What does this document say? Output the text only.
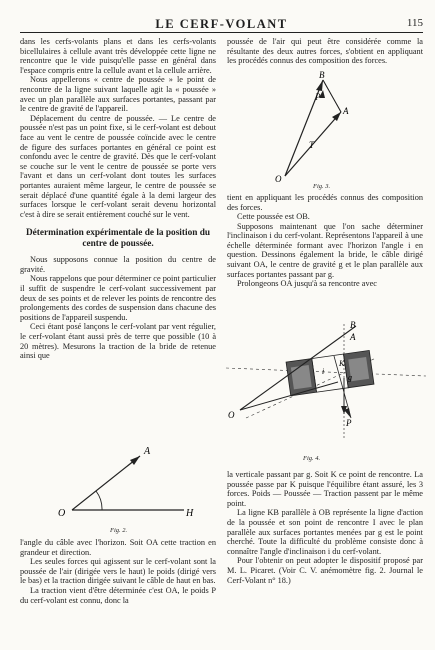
LE CERF-VOLANT	115

dans les cerfs-volants plans et dans les cerfs-volants bicellulaires à cellule avant très développée cette ligne ne rencontre que le vide puisqu'elle passe en général dans l'espace compris entre la cellule avant et la cellule arrière.

Nous appellerons « centre de poussée » le point de rencontre de la ligne suivant laquelle agit la « poussée » avec un plan parallèle aux surfaces portantes, passant par le centre de gravité de l'appareil.

Déplacement du centre de poussée. — Le centre de poussée n'est pas un point fixe, si le cerf-volant est debout face au vent le centre de poussée coïncide avec le centre de figure des surfaces portantes en général ce point est confondu avec le centre de gravité. Dès que le cerf-volant se couche sur le vent le centre de poussée se porte vers l'avant et dans un cerf-volant dont toutes les surfaces portantes auraient même largeur, le centre de poussée se serait déplacé d'une quantité égale à la demi largeur des surfaces lorsque le cerf-volant serait devenu horizontal c'est à dire se serait entièrement couché sur le vent.

Détermination expérimentale de la position du centre de poussée.

Nous supposons connue la position du centre de gravité.

Nous rappelons que pour déterminer ce point particulier il suffit de suspendre le cerf-volant successivement par deux de ses points et de relever les points de rencontre des prolongements des cordes de suspension dans chacune des positions de l'appareil suspendu.

Ceci étant posé lançons le cerf-volant par vent régulier, le cerf-volant étant aussi près de terre que possible (10 à 20 mètres). Mesurons la traction de la bride de retenue ainsi que

O
A
H
Fig. 2.

l'angle du câble avec l'horizon. Soit OA cette traction en grandeur et direction.

Les seules forces qui agissent sur le cerf-volant sont la poussée de l'air (dirigée vers le haut) le poids (dirigé vers le bas) et la traction dirigée suivant le câble de haut en bas.

La traction vient d'être déterminée c'est OA, le poids P du cerf-volant est connu, donc la

poussée de l'air qui peut être considérée comme la résultante des deux autres forces, s'obtient en appliquant les procédés connus des composition des forces.

B
A
P
T
O
Fig. 3.

tient en appliquant les procédés connus des composition des forces.

Cette poussée est OB.

Supposons maintenant que l'on sache déterminer l'inclinaison i du cerf-volant. Représentons l'appareil à une échelle déterminée formant avec l'horizon l'angle i en question. Dessinons également la bride, le câble dirigé suivant OA, le centre de gravité g et le plan parallèle aux surfaces portantes passant par g.

Prolongeons OA jusqu'à sa rencontre avec

B
A
K
i
g
P
O
Fig. 4.

la verticale passant par g. Soit K ce point de rencontre. La poussée passe par K puisque l'équilibre étant assuré, les 3 forces. Poids — Poussée — Traction passent par le même point.

La ligne KB parallèle à OB représente la ligne d'action de la poussée et son point de rencontre I avec le plan parallèle aux surfaces portantes menées par g est le point cherché. Toute la difficulté du problème consiste donc à connaître l'angle d'inclinaison i du cerf-volant.

Pour l'obtenir on peut adopter le dispositif proposé par M. L. Picaret. (Voir C. V. anémomètre fig. 2. Journal le Cerf-Volant n° 18.)
